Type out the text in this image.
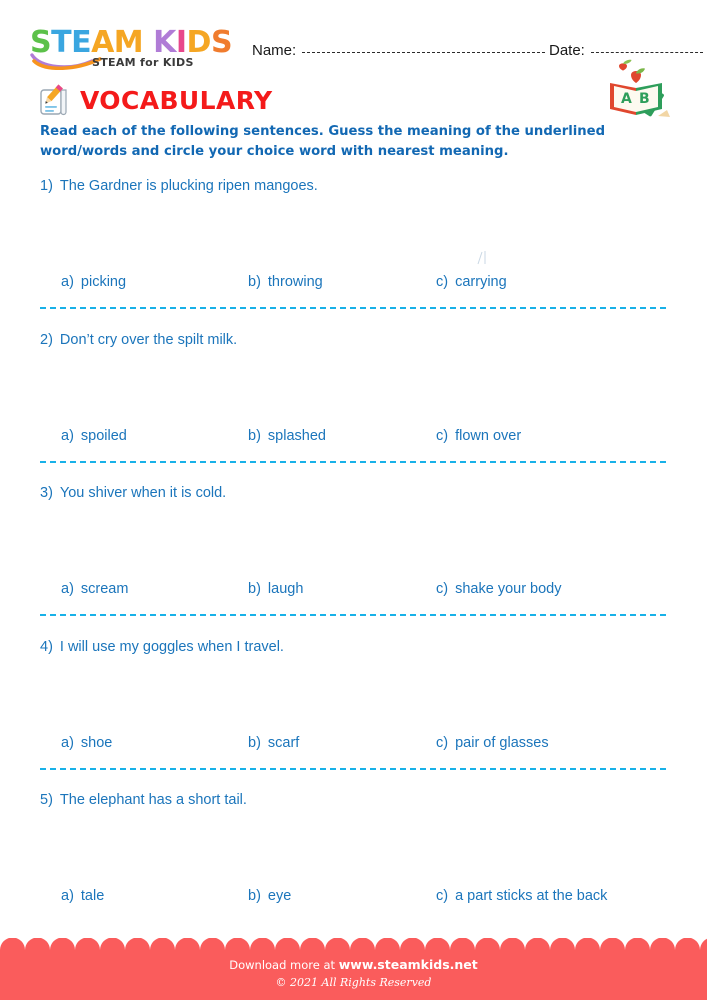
STEAM KIDS
STEAM for KIDS
Name:	Date:
VOCABULARY	A B
Read each of the following sentences. Guess the meaning of the underlined
word/words and circle your choice word with nearest meaning.
1) The Gardner is plucking ripen mangoes.
a) picking	b) throwing	c) carrying
2) Don’t cry over the spilt milk.
a) spoiled	b) splashed	c) flown over
3) You shiver when it is cold.
a) scream	b) laugh	c) shake your body
4) I will use my goggles when I travel.
a) shoe	b) scarf	c) pair of glasses
5) The elephant has a short tail.
a) tale	b) eye	c) a part sticks at the back
Download more at www.steamkids.net
© 2021 All Rights Reserved
